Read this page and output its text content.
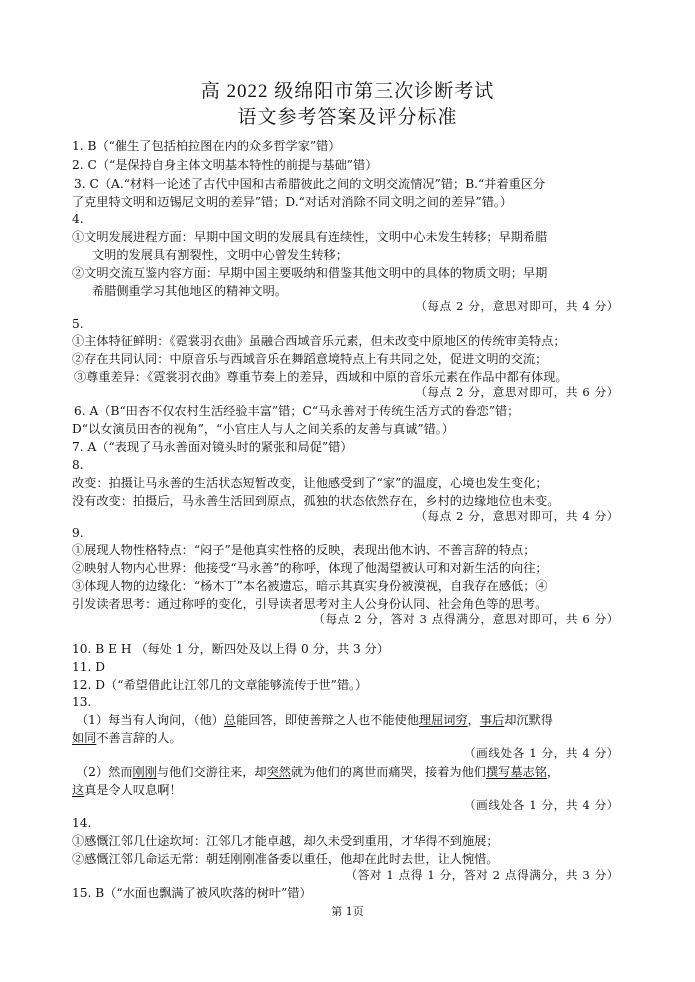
高 2022 级绵阳市第三次诊断考试
语文参考答案及评分标准
1. B（“催生了包括柏拉图在内的众多哲学家”错）
2. C（“是保持自身主体文明基本特性的前提与基础”错）
3. C（A.“材料一论述了古代中国和古希腊彼此之间的文明交流情况”错；B.“并着重区分
了克里特文明和迈锡尼文明的差异”错；D.“对话对消除不同文明之间的差异”错。）
4.
①文明发展进程方面：早期中国文明的发展具有连续性，文明中心未发生转移；早期希腊
文明的发展具有割裂性，文明中心曾发生转移；
②文明交流互鉴内容方面：早期中国主要吸纳和借鉴其他文明中的具体的物质文明；早期
希腊侧重学习其他地区的精神文明。
（每点 2 分，意思对即可，共 4 分）
5.
①主体特征鲜明：《霓裳羽衣曲》虽融合西域音乐元素，但未改变中原地区的传统审美特点；
②存在共同认同：中原音乐与西域音乐在舞蹈意境特点上有共同之处，促进文明的交流；
③尊重差异：《霓裳羽衣曲》尊重节奏上的差异，西域和中原的音乐元素在作品中都有体现。
（每点 2 分，意思对即可，共 6 分）
6. A（B“田杏不仅农村生活经验丰富”错；C“马永善对于传统生活方式的眷恋”错；
D“以女演员田杏的视角”，“小官庄人与人之间关系的友善与真诚”错。）
7. A（“表现了马永善面对镜头时的紧张和局促”错）
8.
改变：拍摄让马永善的生活状态短暂改变，让他感受到了“家”的温度，心境也发生变化；
没有改变：拍摄后，马永善生活回到原点，孤独的状态依然存在，乡村的边缘地位也未变。
（每点 2 分，意思对即可，共 4 分）
9.
①展现人物性格特点：“闷子”是他真实性格的反映，表现出他木讷、不善言辞的特点；
②映射人物内心世界：他接受“马永善”的称呼，体现了他渴望被认可和对新生活的向往；
③体现人物的边缘化：“杨木丁”本名被遗忘，暗示其真实身份被漠视，自我存在感低；④
引发读者思考：通过称呼的变化，引导读者思考对主人公身份认同、社会角色等的思考。
（每点 2 分，答对 3 点得满分，意思对即可，共 6 分）
10. B E H （每处 1 分，断四处及以上得 0 分，共 3 分）
11. D
12. D（“希望借此让江邻几的文章能够流传于世”错。）
13.
（1）每当有人询问，（他）总能回答，即使善辩之人也不能使他理屈词穷，事后却沉默得
如同不善言辞的人。
（画线处各 1 分，共 4 分）
（2）然而刚刚与他们交游往来，却突然就为他们的离世而痛哭，接着为他们撰写墓志铭，
这真是令人叹息啊！
（画线处各 1 分，共 4 分）
14.
①感慨江邻几仕途坎坷：江邻几才能卓越，却久未受到重用，才华得不到施展；
②感慨江邻几命运无常：朝廷刚刚准备委以重任，他却在此时去世，让人惋惜。
（答对 1 点得 1 分，答对 2 点得满分，共 3 分）
15. B（“水面也飘满了被风吹落的树叶”错）
第 1页
